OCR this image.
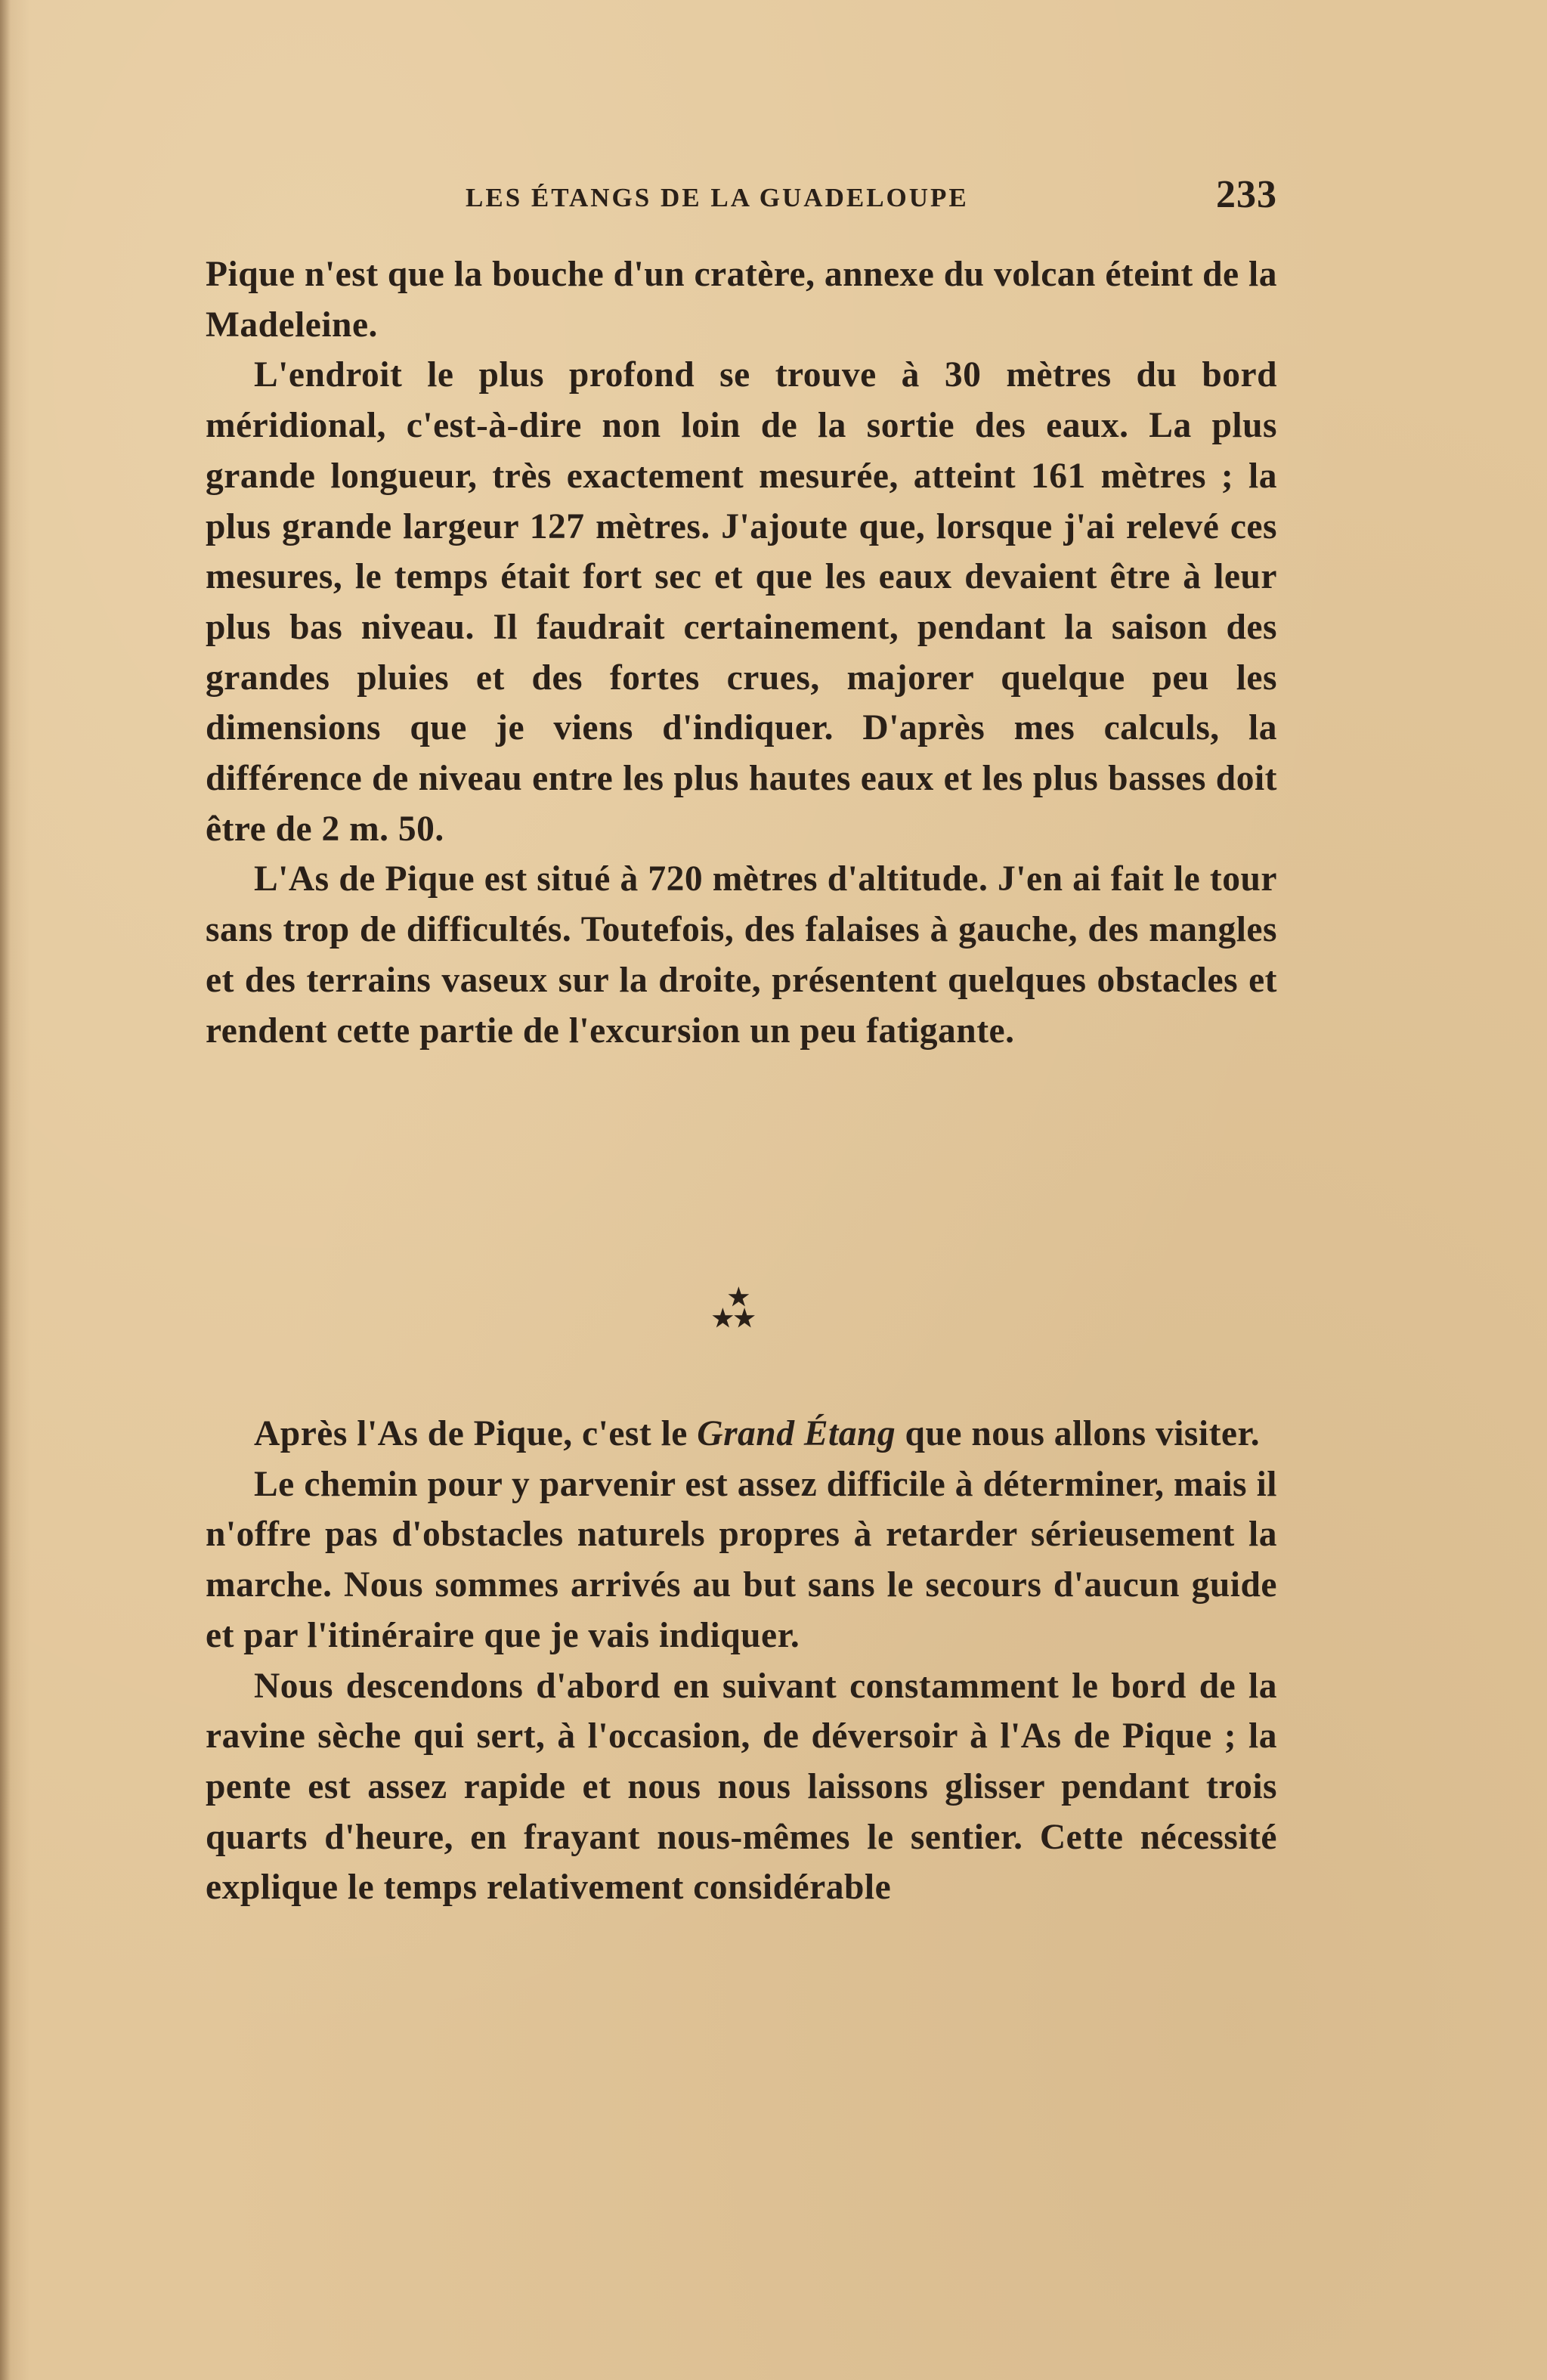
LES ÉTANGS DE LA GUADELOUPE	233

Pique n'est que la bouche d'un cratère, annexe du volcan éteint de la Madeleine.

L'endroit le plus profond se trouve à 30 mètres du bord méridional, c'est-à-dire non loin de la sortie des eaux. La plus grande longueur, très exactement mesurée, atteint 161 mètres ; la plus grande largeur 127 mètres. J'ajoute que, lorsque j'ai relevé ces mesures, le temps était fort sec et que les eaux devaient être à leur plus bas niveau. Il faudrait certainement, pendant la saison des grandes pluies et des fortes crues, majorer quelque peu les dimensions que je viens d'indiquer. D'après mes calculs, la différence de niveau entre les plus hautes eaux et les plus basses doit être de 2 m. 50.

L'As de Pique est situé à 720 mètres d'altitude. J'en ai fait le tour sans trop de difficultés. Toutefois, des falaises à gauche, des mangles et des terrains vaseux sur la droite, présentent quelques obstacles et rendent cette partie de l'excursion un peu fatigante.

★
★★

Après l'As de Pique, c'est le Grand Étang que nous allons visiter.

Le chemin pour y parvenir est assez difficile à déterminer, mais il n'offre pas d'obstacles naturels propres à retarder sérieusement la marche. Nous sommes arrivés au but sans le secours d'aucun guide et par l'itinéraire que je vais indiquer.

Nous descendons d'abord en suivant constamment le bord de la ravine sèche qui sert, à l'occasion, de déversoir à l'As de Pique ; la pente est assez rapide et nous nous laissons glisser pendant trois quarts d'heure, en frayant nous-mêmes le sentier. Cette nécessité explique le temps relativement considérable
